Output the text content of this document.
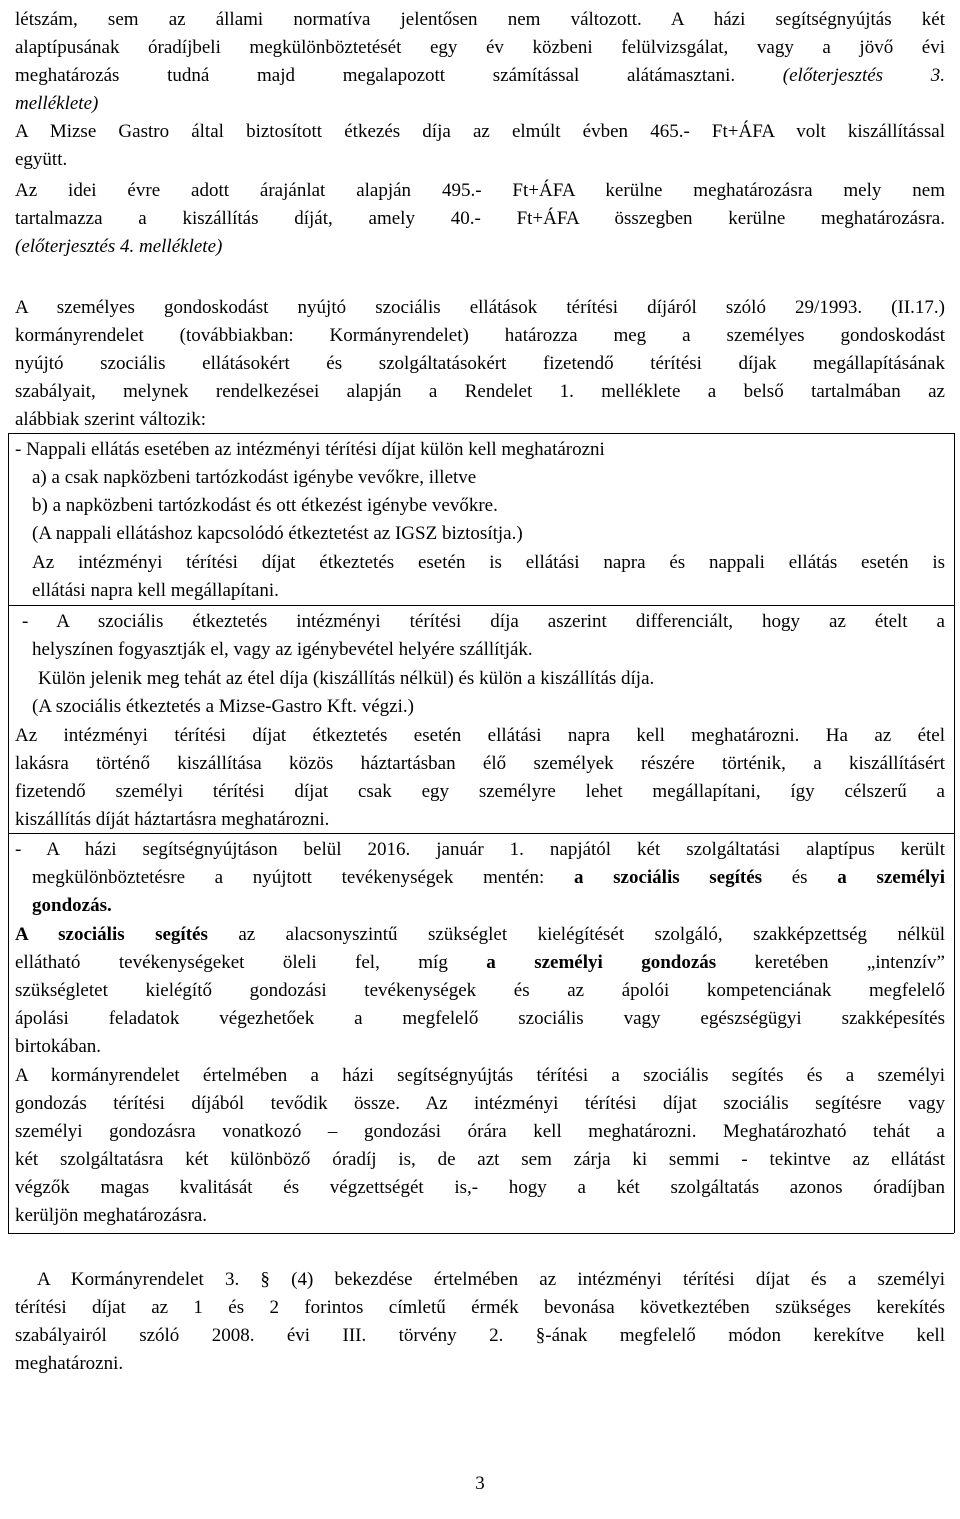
3
létszám, sem az állami normatíva jelentősen nem változott. A házi segítségnyújtás két
alaptípusának óradíjbeli megkülönböztetését egy év közbeni felülvizsgálat, vagy a jövő évi
meghatározás tudná majd megalapozott számítással alátámasztani.	(előterjesztés 3.
melléklete)
A Mizse Gastro által biztosított étkezés díja az elmúlt évben 465.- Ft+ÁFA volt kiszállítással
együtt.
Az idei évre adott árajánlat alapján 495.- Ft+ÁFA kerülne meghatározásra mely nem
tartalmazza a kiszállítás díját, amely 40.- Ft+ÁFA összegben kerülne meghatározásra.
(előterjesztés 4. melléklete)
A személyes gondoskodást nyújtó szociális ellátások térítési díjáról szóló 29/1993. (II.17.)
kormányrendelet (továbbiakban: Kormányrendelet) határozza meg a személyes gondoskodást
nyújtó szociális ellátásokért és szolgáltatásokért fizetendő térítési díjak megállapításának
szabályait, melynek rendelkezései alapján a Rendelet 1. melléklete a belső tartalmában az
alábbiak szerint változik:
- Nappali ellátás esetében az intézményi térítési díjat külön kell meghatározni
a) a csak napközbeni tartózkodást igénybe vevőkre, illetve
b) a napközbeni tartózkodást és ott étkezést igénybe vevőkre.
(A nappali ellátáshoz kapcsolódó étkeztetést az IGSZ biztosítja.)
Az intézményi térítési díjat étkeztetés esetén is ellátási napra és nappali ellátás esetén is
ellátási napra kell megállapítani.
- A szociális étkeztetés intézményi térítési díja aszerint differenciált, hogy az ételt a
helyszínen fogyasztják el, vagy az igénybevétel helyére szállítják.
Külön jelenik meg tehát az étel díja (kiszállítás nélkül) és külön a kiszállítás díja.
(A szociális étkeztetés a Mizse-Gastro Kft. végzi.)
Az intézményi térítési díjat étkeztetés esetén ellátási napra kell meghatározni. Ha az étel
lakásra történő kiszállítása közös háztartásban élő személyek részére történik, a kiszállításért
fizetendő személyi térítési díjat csak egy személyre lehet megállapítani, így célszerű a
kiszállítás díját háztartásra meghatározni.
- A házi segítségnyújtáson belül 2016. január 1. napjától két szolgáltatási alaptípus került
megkülönböztetésre a nyújtott tevékenységek mentén: a szociális segítés és a személyi
gondozás.
A szociális segítés az alacsonyszintű szükséglet kielégítését szolgáló, szakképzettség nélkül
ellátható tevékenységeket öleli fel, míg a személyi gondozás keretében „intenzív”
szükségletet kielégítő gondozási tevékenységek és az ápolói kompetenciának megfelelő
ápolási feladatok végezhetőek a megfelelő szociális vagy egészségügyi szakképesítés
birtokában.
A kormányrendelet értelmében a házi segítségnyújtás térítési a szociális segítés és a személyi
gondozás térítési díjából tevődik össze. Az intézményi térítési díjat szociális segítésre vagy
személyi gondozásra vonatkozó – gondozási órára kell meghatározni. Meghatározható tehát a
két szolgáltatásra két különböző óradíj is, de azt sem zárja ki semmi - tekintve az ellátást
végzők magas kvalitását és végzettségét is,- hogy a két szolgáltatás azonos óradíjban
kerüljön meghatározásra.
A Kormányrendelet 3. § (4) bekezdése értelmében az intézményi térítési díjat és a személyi
térítési díjat az 1 és 2 forintos címletű érmék bevonása következtében szükséges kerekítés
szabályairól szóló 2008. évi III. törvény 2. §-ának megfelelő módon kerekítve kell
meghatározni.
